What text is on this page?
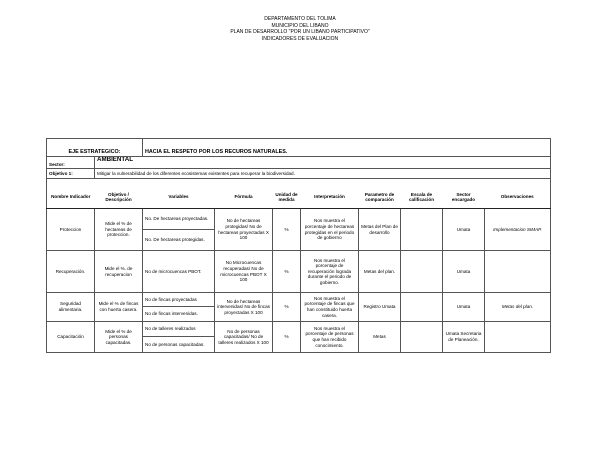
DEPARTAMENTO DEL TOLIMA
MUNICIPIO DEL LIBANO
PLAN DE DESARROLLO "POR UN LIBANO PARTICIPATIVO"
INDICADORES DE EVALUACION
EJE ESTRATEGICO:		HACIA EL RESPETO POR LOS RECUROS NATURALES.							
Sector:	AMBIENTAL								
Objetivo 1:	Mitigar la vulnerabilidad de los diferentes ecosistemas existentes para recuperar la biodiversidad.								

Nombre Indicador	Objetivo / Descripción	Variables	Fórmula	Unidad de medida	Interpretación	Parametro de comparación	Escala de calificación	Sector encargado	Observaciones
Proteccion	Mide el % de hectareas de proteccion.	No. De hectareas proyectadas.	No de hectareas protegidas/ No de hectareas proyectadas X 100	%	Nos muestra el porcentaje de hectareas protegidas en el periodo de gobierno	Metas del Plan de desarrollo		Umata	Implementacion SIMAP.
		No. De hectareas protegidas.							
Recuperación.	Mide el %. de recuperacion	No de microcuencas PBOT.	No Microcuencas recuperadas/ No de microcuencas PBOT X 100	%	Nos muestra el porcentaje de recuperación lograda durante el periodo de gobierno.	Metas del plan.		Umata	
Seguridad alimentaria.	Mide el % de fincas con huerta casera.	No de fincas proyectadas	No de hectareas intervenidas/ No de fincas proyectadas X 100	%	Nos muestra el porcentaje de fincas que han constituido huerta casera.	Registro Umata		Umata	Metas del plan.
		No de fincas intervenidas.							
Capacitación	Mide el % de personas capacitadas.	No de talleres realizados	No de personas capacitadas/ No de talleres realizados X 100	%	Nos muestra el porcentaje de personas que han recibido conocimiento.	Metas		Umata Secretaria de Planeación.	
		No de personas capacitadas.							
